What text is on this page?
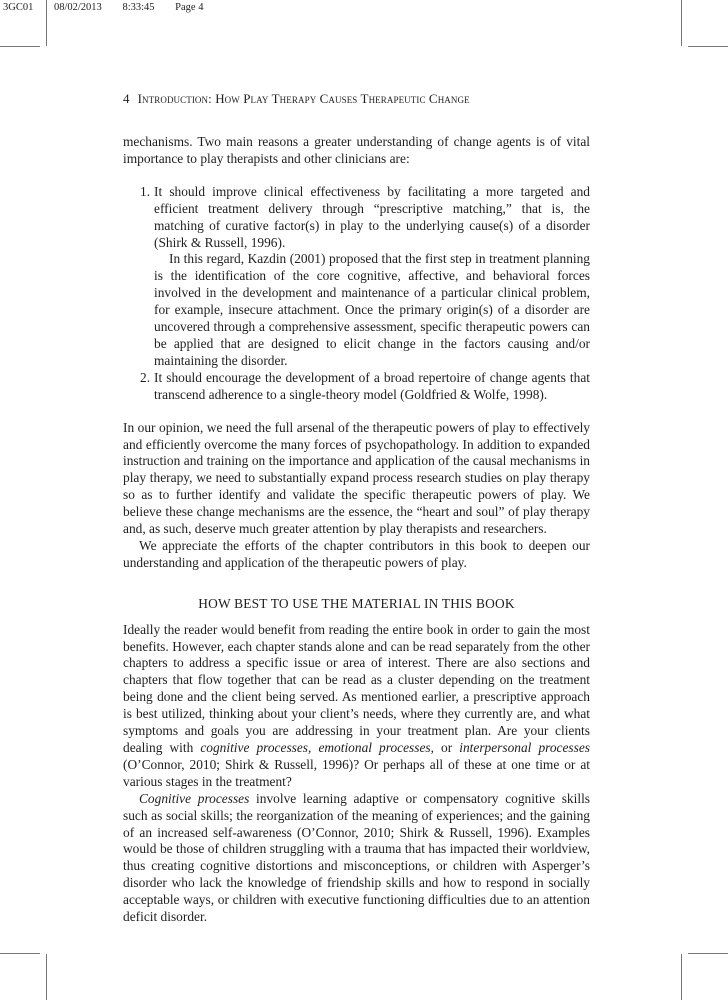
3GC01 08/02/2013 8:33:45 Page 4
4 Introduction: How Play Therapy Causes Therapeutic Change

mechanisms. Two main reasons a greater understanding of change agents is of vital importance to play therapists and other clinicians are:

1. It should improve clinical effectiveness by facilitating a more targeted and efficient treatment delivery through “prescriptive matching,” that is, the matching of curative factor(s) in play to the underlying cause(s) of a disorder (Shirk & Russell, 1996).

In this regard, Kazdin (2001) proposed that the first step in treatment planning is the identification of the core cognitive, affective, and behavioral forces involved in the development and maintenance of a particular clinical problem, for example, insecure attachment. Once the primary origin(s) of a disorder are uncovered through a comprehensive assessment, specific therapeutic powers can be applied that are designed to elicit change in the factors causing and/or maintaining the disorder.

2. It should encourage the development of a broad repertoire of change agents that transcend adherence to a single-theory model (Goldfried & Wolfe, 1998).

In our opinion, we need the full arsenal of the therapeutic powers of play to effectively and efficiently overcome the many forces of psychopathology. In addition to expanded instruction and training on the importance and application of the causal mechanisms in play therapy, we need to substantially expand process research studies on play therapy so as to further identify and validate the specific therapeutic powers of play. We believe these change mechanisms are the essence, the “heart and soul” of play therapy and, as such, deserve much greater attention by play therapists and researchers.

We appreciate the efforts of the chapter contributors in this book to deepen our understanding and application of the therapeutic powers of play.

HOW BEST TO USE THE MATERIAL IN THIS BOOK

Ideally the reader would benefit from reading the entire book in order to gain the most benefits. However, each chapter stands alone and can be read separately from the other chapters to address a specific issue or area of interest. There are also sections and chapters that flow together that can be read as a cluster depending on the treatment being done and the client being served. As mentioned earlier, a prescriptive approach is best utilized, thinking about your client’s needs, where they currently are, and what symptoms and goals you are addressing in your treatment plan. Are your clients dealing with cognitive processes, emotional processes, or interpersonal processes (O’Connor, 2010; Shirk & Russell, 1996)? Or perhaps all of these at one time or at various stages in the treatment?

Cognitive processes involve learning adaptive or compensatory cognitive skills such as social skills; the reorganization of the meaning of experiences; and the gaining of an increased self-awareness (O’Connor, 2010; Shirk & Russell, 1996). Examples would be those of children struggling with a trauma that has impacted their worldview, thus creating cognitive distortions and misconceptions, or children with Asperger’s disorder who lack the knowledge of friendship skills and how to respond in socially acceptable ways, or children with executive functioning difficulties due to an attention deficit disorder.
